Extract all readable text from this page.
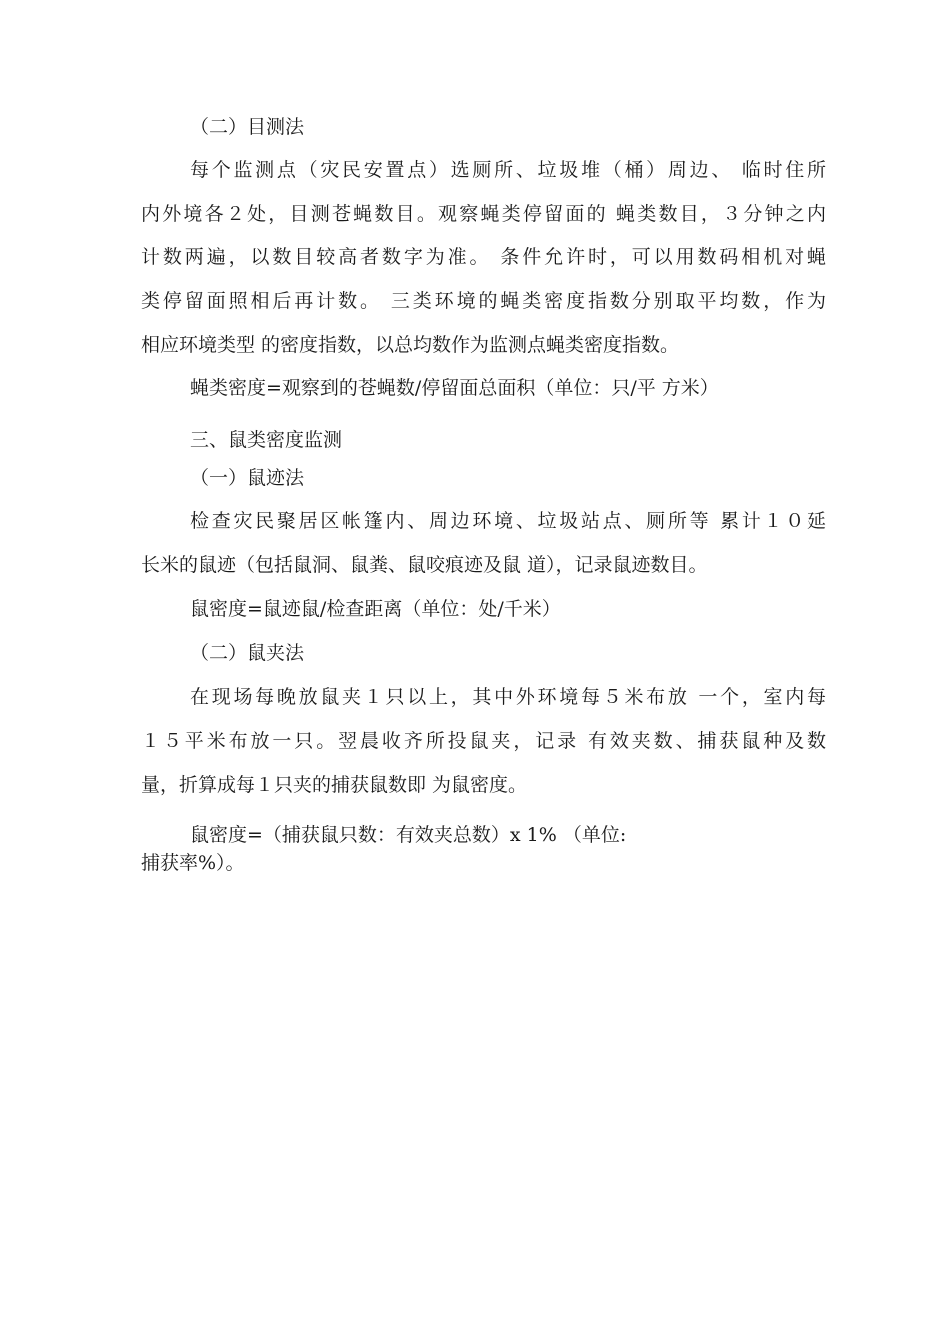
（二）目测法

每个监测点（灾民安置点）选厕所、垃圾堆（桶）周边、 临时住所

内外境各２处，目测苍蝇数目。观察蝇类停留面的 蝇类数目，３分钟之内

计数两遍，以数目较高者数字为准。 条件允许时，可以用数码相机对蝇

类停留面照相后再计数。 三类环境的蝇类密度指数分别取平均数，作为

相应环境类型 的密度指数，以总均数作为监测点蝇类密度指数。

蝇类密度=观察到的苍蝇数/停留面总面积（单位：只/平 方米）

三、鼠类密度监测

（一）鼠迹法

检查灾民聚居区帐篷内、周边环境、垃圾站点、厕所等 累计１０延

长米的鼠迹（包括鼠洞、鼠粪、鼠咬痕迹及鼠 道），记录鼠迹数目。

鼠密度=鼠迹鼠/检查距离（单位：处/千米）

（二）鼠夹法

在现场每晚放鼠夹１只以上，其中外环境每５米布放 一个，室内每

１５平米布放一只。翌晨收齐所投鼠夹，记录 有效夹数、捕获鼠种及数

量，折算成每１只夹的捕获鼠数即 为鼠密度。

鼠密度=（捕获鼠只数：有效夹总数）x 1% （单位:

捕获率%）。
